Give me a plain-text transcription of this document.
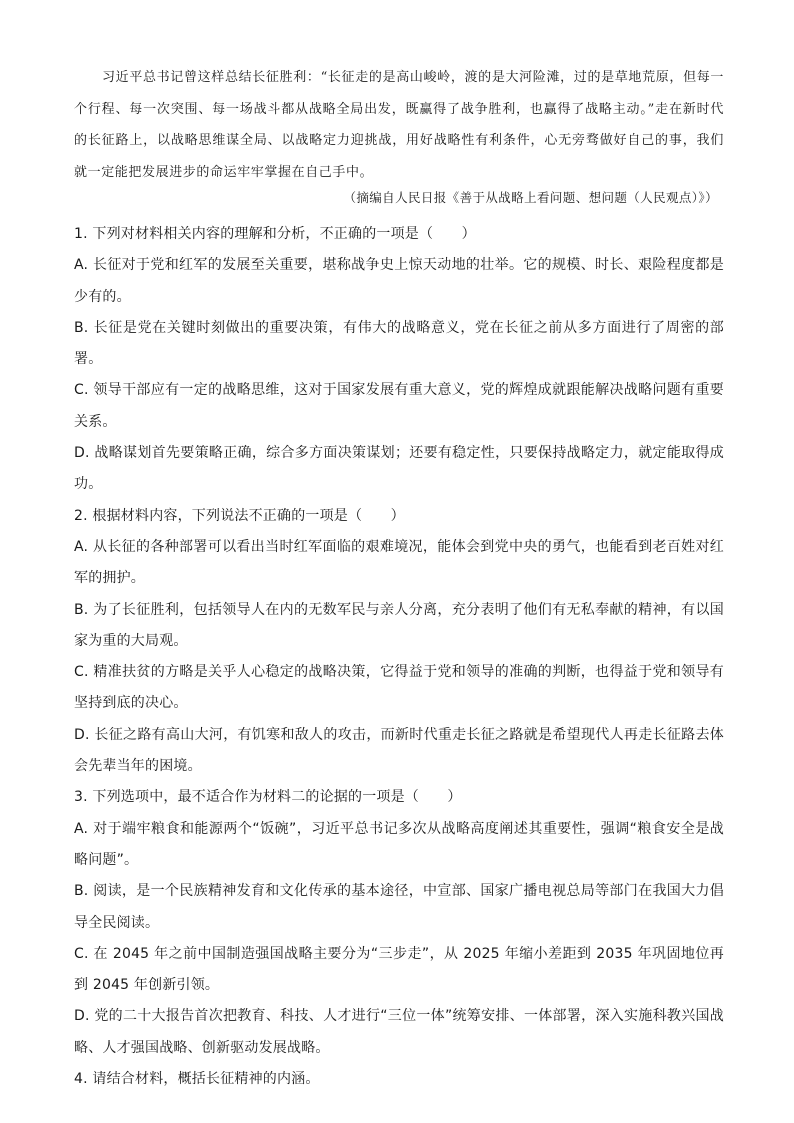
习近平总书记曾这样总结长征胜利：“长征走的是高山峻岭，渡的是大河险滩，过的是草地荒原，但每一个行程、每一次突围、每一场战斗都从战略全局出发，既赢得了战争胜利，也赢得了战略主动。”走在新时代的长征路上，以战略思维谋全局、以战略定力迎挑战，用好战略性有利条件，心无旁骛做好自己的事，我们就一定能把发展进步的命运牢牢掌握在自己手中。

（摘编自人民日报《善于从战略上看问题、想问题（人民观点）》）

1. 下列对材料相关内容的理解和分析，不正确的一项是（　　）

A. 长征对于党和红军的发展至关重要，堪称战争史上惊天动地的壮举。它的规模、时长、艰险程度都是少有的。

B. 长征是党在关键时刻做出的重要决策，有伟大的战略意义，党在长征之前从多方面进行了周密的部署。

C. 领导干部应有一定的战略思维，这对于国家发展有重大意义，党的辉煌成就跟能解决战略问题有重要关系。

D. 战略谋划首先要策略正确，综合多方面决策谋划；还要有稳定性，只要保持战略定力，就定能取得成功。

2. 根据材料内容，下列说法不正确的一项是（　　）

A. 从长征的各种部署可以看出当时红军面临的艰难境况，能体会到党中央的勇气，也能看到老百姓对红军的拥护。

B. 为了长征胜利，包括领导人在内的无数军民与亲人分离，充分表明了他们有无私奉献的精神，有以国家为重的大局观。

C. 精准扶贫的方略是关乎人心稳定的战略决策，它得益于党和领导的准确的判断，也得益于党和领导有坚持到底的决心。

D. 长征之路有高山大河，有饥寒和敌人的攻击，而新时代重走长征之路就是希望现代人再走长征路去体会先辈当年的困境。

3. 下列选项中，最不适合作为材料二的论据的一项是（　　）

A. 对于端牢粮食和能源两个“饭碗”，习近平总书记多次从战略高度阐述其重要性，强调“粮食安全是战略问题”。

B. 阅读，是一个民族精神发育和文化传承的基本途径，中宣部、国家广播电视总局等部门在我国大力倡导全民阅读。

C. 在 2045 年之前中国制造强国战略主要分为“三步走”，从 2025 年缩小差距到 2035 年巩固地位再到 2045 年创新引领。

D. 党的二十大报告首次把教育、科技、人才进行“三位一体”统筹安排、一体部署，深入实施科教兴国战略、人才强国战略、创新驱动发展战略。

4. 请结合材料，概括长征精神的内涵。
